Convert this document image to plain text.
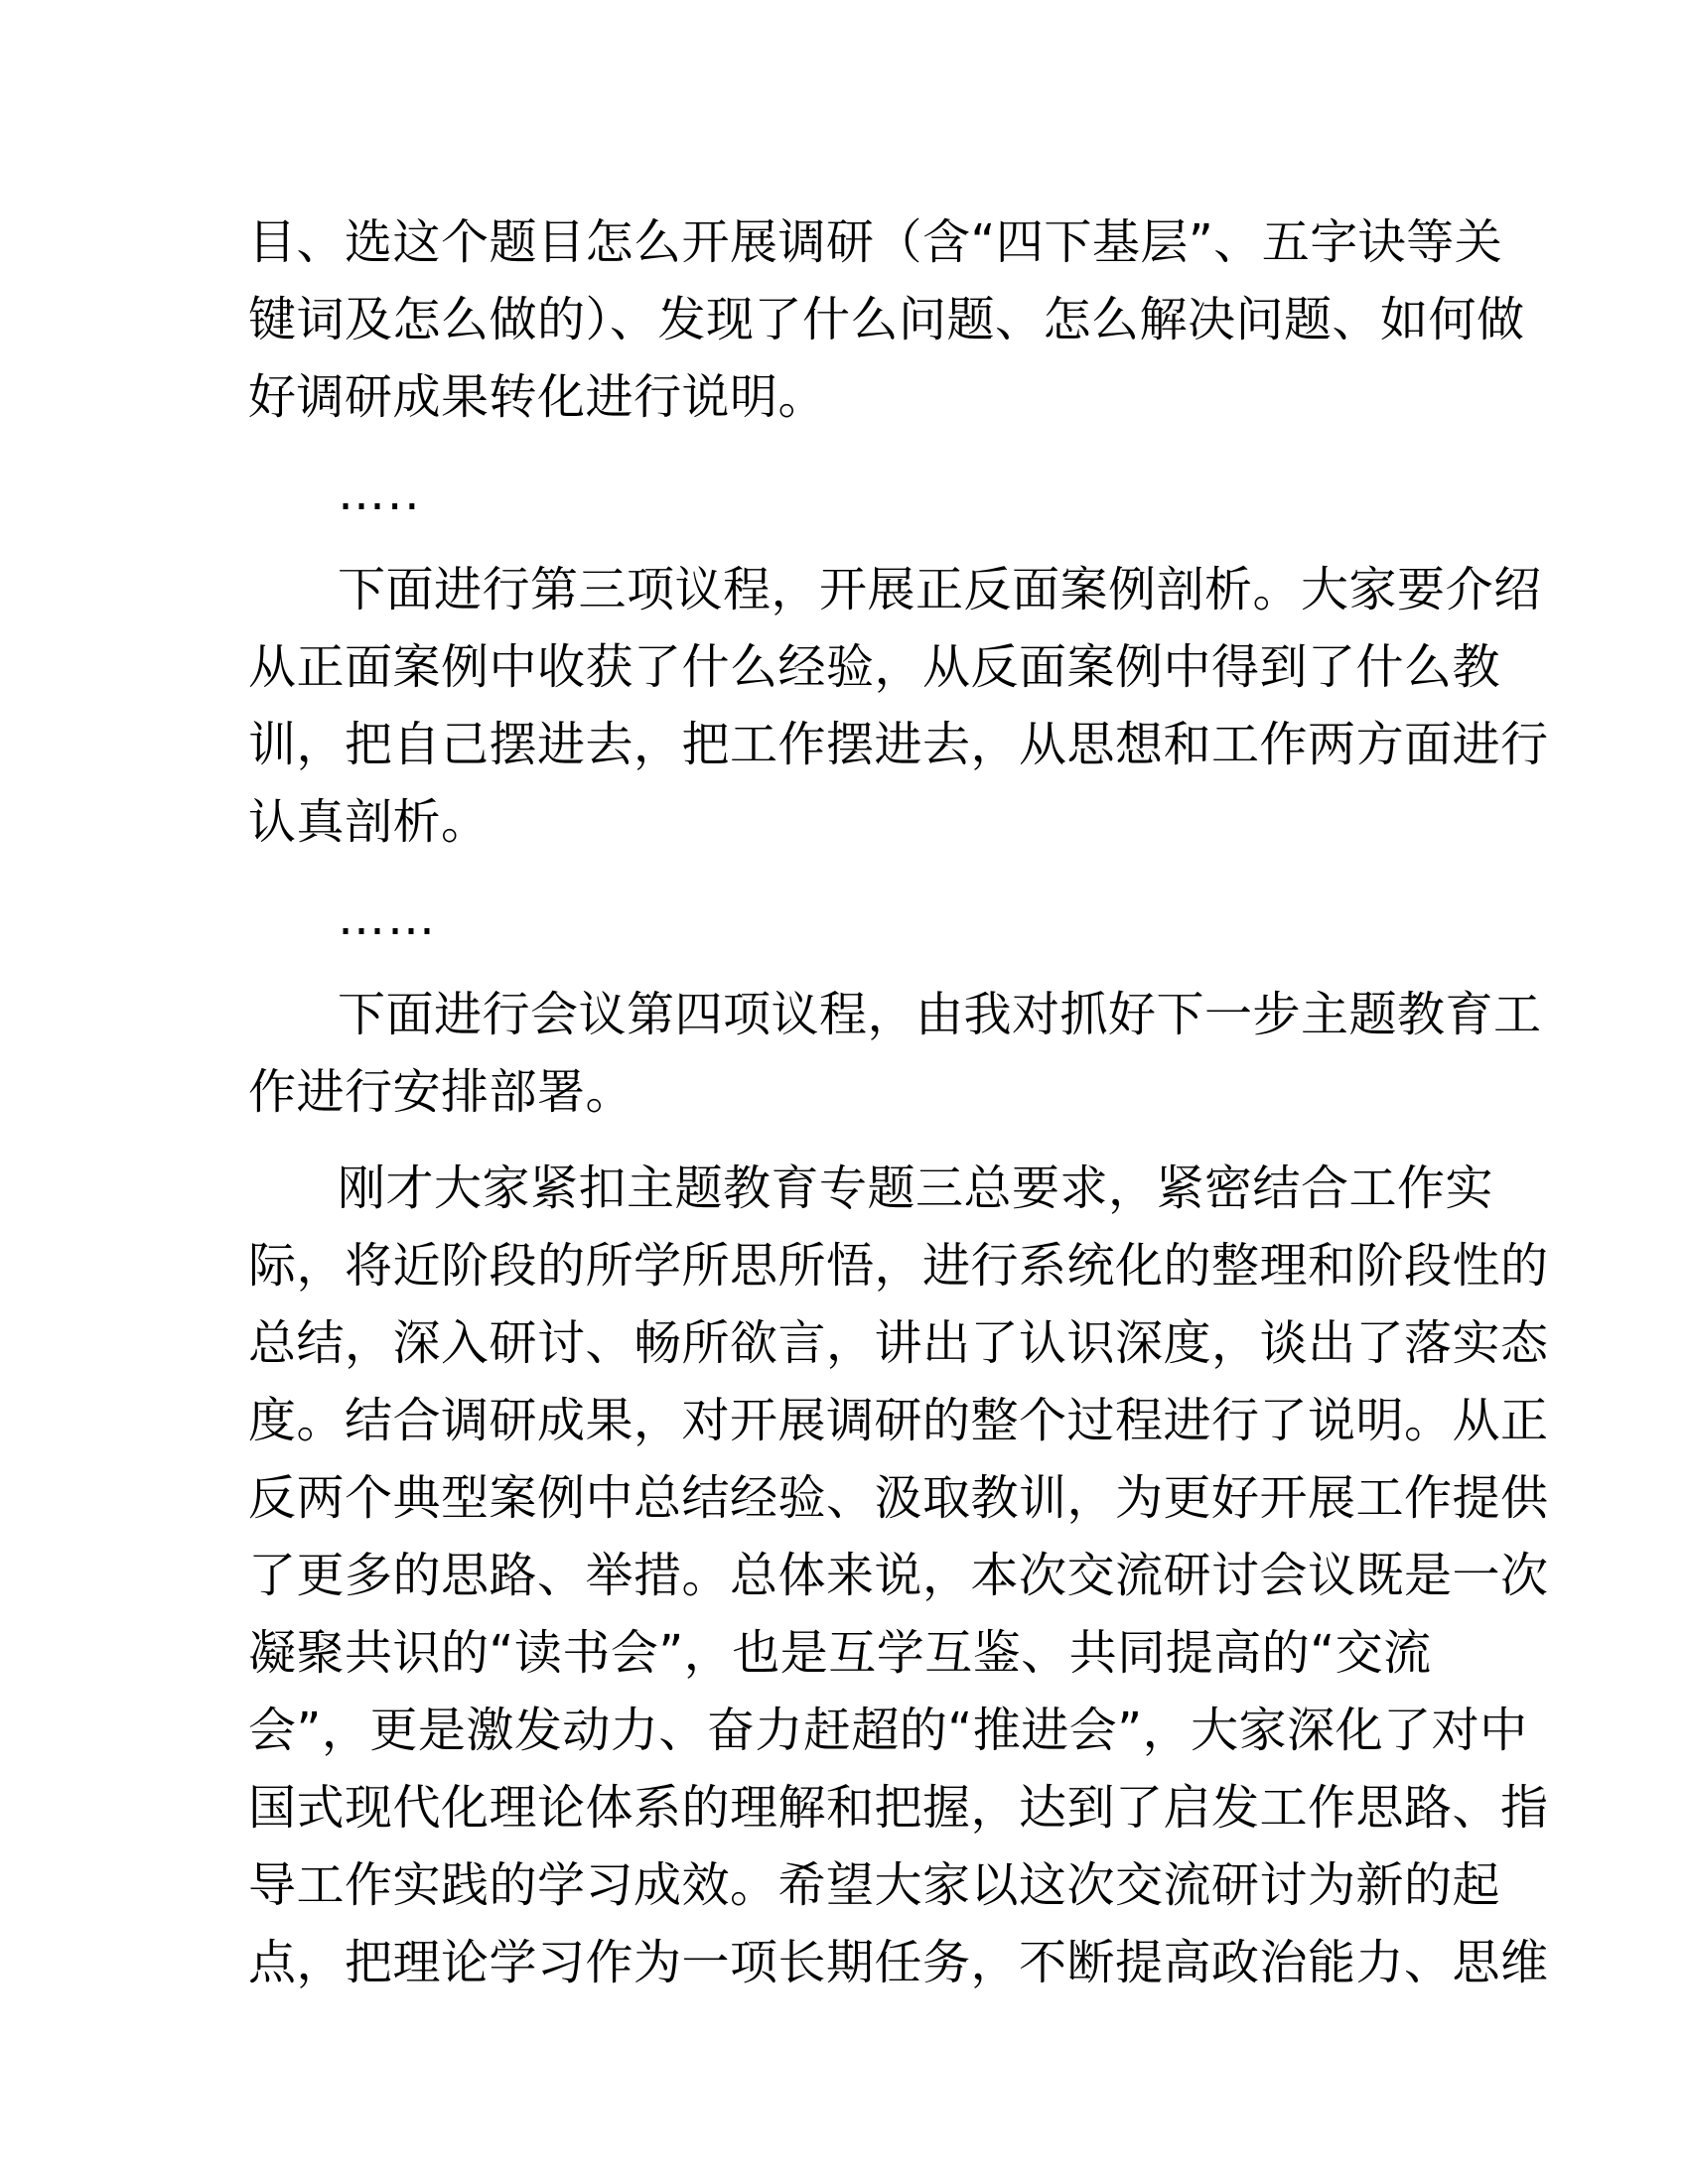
目、选这个题目怎么开展调研（含“四下基层”、五字诀等关
键词及怎么做的）、发现了什么问题、怎么解决问题、如何做
好调研成果转化进行说明。
…..
下面进行第三项议程，开展正反面案例剖析。大家要介绍
从正面案例中收获了什么经验，从反面案例中得到了什么教
训，把自己摆进去，把工作摆进去，从思想和工作两方面进行
认真剖析。
……
下面进行会议第四项议程，由我对抓好下一步主题教育工
作进行安排部署。
刚才大家紧扣主题教育专题三总要求，紧密结合工作实
际，将近阶段的所学所思所悟，进行系统化的整理和阶段性的
总结，深入研讨、畅所欲言，讲出了认识深度，谈出了落实态
度。结合调研成果，对开展调研的整个过程进行了说明。从正
反两个典型案例中总结经验、汲取教训，为更好开展工作提供
了更多的思路、举措。总体来说，本次交流研讨会议既是一次
凝聚共识的“读书会”，也是互学互鉴、共同提高的“交流
会”，更是激发动力、奋力赶超的“推进会”，大家深化了对中
国式现代化理论体系的理解和把握，达到了启发工作思路、指
导工作实践的学习成效。希望大家以这次交流研讨为新的起
点，把理论学习作为一项长期任务，不断提高政治能力、思维
